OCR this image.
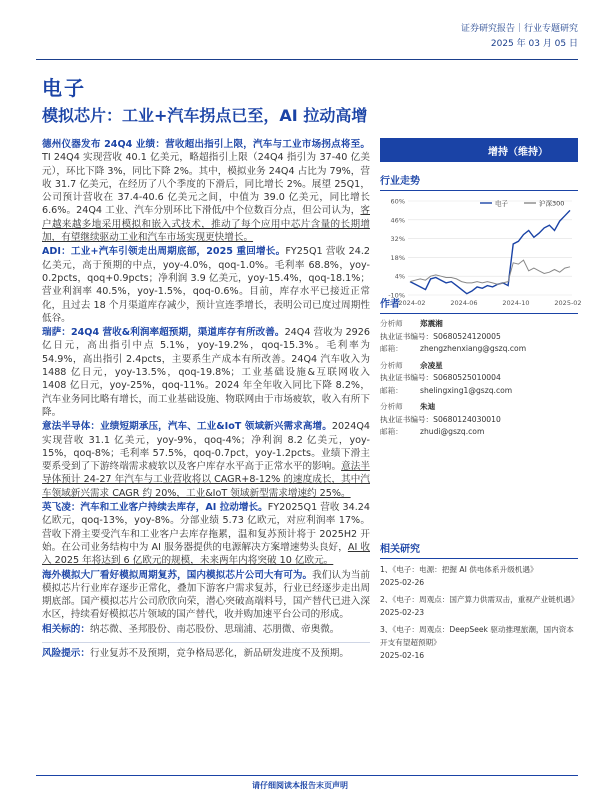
证券研究报告｜行业专题研究
2025 年 03 月 05 日
电子
模拟芯片：工业+汽车拐点已至，AI 拉动高增
德州仪器发布 24Q4 业绩：营收超出指引上限，汽车与工业市场拐点将至。TI 24Q4 实现营收 40.1 亿美元，略超指引上限（24Q4 指引为 37-40 亿美元），环比下降 3%，同比下降 2%。其中，模拟业务 24Q4 占比为 79%，营收 31.7 亿美元，在经历了八个季度的下滑后，同比增长 2%。展望 25Q1，公司预计营收在 37.4-40.6 亿美元之间，中值为 39.0 亿美元，同比增长 6.6%。24Q4 工业、汽车分别环比下滑低/中个位数百分点，但公司认为，客户越来越多地采用模拟和嵌入式技术，推动了每个应用中芯片含量的长期增加，有望继续驱动工业和汽车市场实现更快增长。
ADI：工业+汽车引领走出周期底部，2025 重回增长。FY25Q1 营收 24.2 亿美元，高于预期的中点，yoy-4.0%，qoq-1.0%。毛利率 68.8%，yoy-0.2pcts，qoq+0.9pcts；净利润 3.9 亿美元，yoy-15.4%，qoq-18.1%；营业利润率 40.5%，yoy-1.5%，qoq-0.6%。目前，库存水平已接近正常化，且过去 18 个月渠道库存减少，预计宣连季增长，表明公司已度过周期性低谷。
瑞萨：24Q4 营收&利润率超预期，渠道库存有所改善。24Q4 营收为 2926 亿日元，高出指引中点 5.1%，yoy-19.2%，qoq-15.3%。毛利率为 54.9%，高出指引 2.4pcts，主要系生产成本有所改善。24Q4 汽车收入为 1488 亿日元，yoy-13.5%，qoq-19.8%；工业基础设施&互联网收入 1408 亿日元，yoy-25%，qoq-11%。2024 年全年收入同比下降 8.2%，汽车业务同比略有增长，而工业基础设施、物联网由于市场疲软，收入有所下降。
意法半导体：业绩短期承压，汽车、工业&IoT 领域新兴需求高增。2024Q4 实现营收 31.1 亿美元，yoy-9%，qoq-4%；净利润 8.2 亿美元，yoy-15%，qoq-8%；毛利率 57.5%，qoq-0.7pct，yoy-1.2pcts。业绩下滑主要系受到了下游终端需求疲软以及客户库存水平高于正常水平的影响。意法半导体预计 24-27 年汽车与工业营收将以 CAGR+8-12% 的速度成长，其中汽车领域新兴需求 CAGR 约 20%，工业&IoT 领域新型需求增速约 25%。
英飞凌：汽车和工业客户持续去库存，AI 拉动增长。FY2025Q1 营收 34.24 亿欧元，qoq-13%，yoy-8%。分部业绩 5.73 亿欧元，对应利润率 17%。营收下滑主要受汽车和工业客户去库存拖累，温和复苏预计将于 2025H2 开始。在公司业务结构中为 AI 服务器提供的电源解决方案增速势头良好，AI 收入 2025 年将达到 6 亿欧元的规模，未来两年内将突破 10 亿欧元。
海外模拟大厂看好模拟周期复苏，国内模拟芯片公司大有可为。我们认为当前模拟芯片行业库存逐步正常化，叠加下游客户需求复苏，行业已经逐步走出周期底部。国产模拟芯片公司欣欣向荣，潜心突破高端料号，国产替代已进入深水区，持续看好模拟芯片领域的国产替代，收并购加速平台公司的形成。
相关标的：纳芯微、圣邦股份、南芯股份、思瑞浦、芯朋微、帝奥微。
风险提示：行业复苏不及预期，竞争格局恶化，新品研发进度不及预期。
增持（维持）
行业走势
-10%
4%
18%
32%
46%
60%
2024-02	2024-06	2024-10	2025-02
电子	沪深300
作者
分析师 郑震湘
执业证书编号：S0680524120005
邮箱： zhengzhenxiang@gszq.com
分析师 佘凌星
执业证书编号：S0680525010004
邮箱： shelingxing1@gszq.com
分析师 朱迪
执业证书编号：S0680124030010
邮箱： zhudi@gszq.com
相关研究
1、《电子：电源：把握 AI 供电体系升级机遇》
2025-02-26
2、《电子：周观点：国产算力供需双击，重视产业链机遇》
2025-02-23
3、《电子：周观点：DeepSeek 驱动推理旅潮，国内资本开支有望超预期》
2025-02-16
请仔细阅读本报告末页声明
